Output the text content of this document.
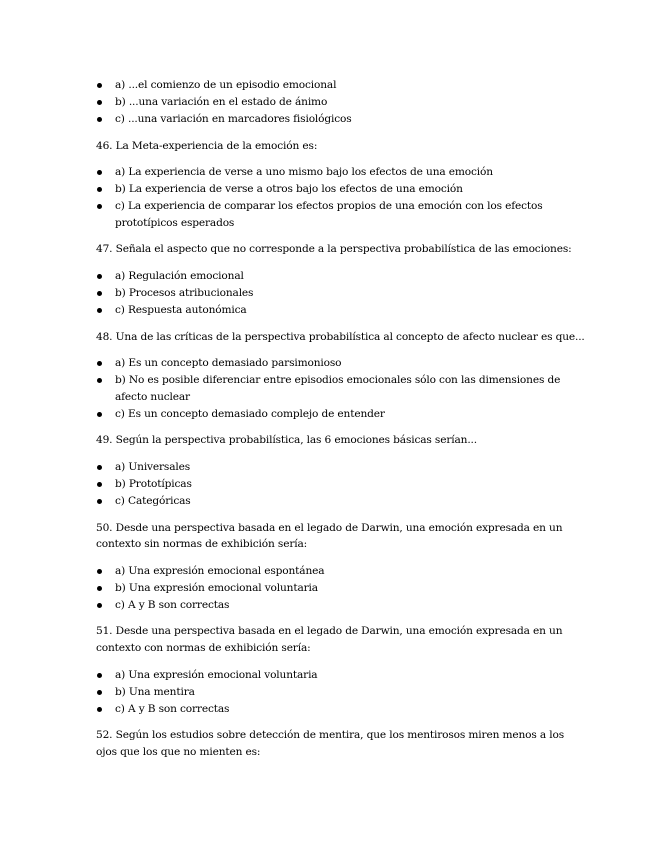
a) ...el comienzo de un episodio emocional
b) ...una variación en el estado de ánimo
c) ...una variación en marcadores fisiológicos
46. La Meta-experiencia de la emoción es:
a) La experiencia de verse a uno mismo bajo los efectos de una emoción
b) La experiencia de verse a otros bajo los efectos de una emoción
c) La experiencia de comparar los efectos propios de una emoción con los efectos
prototípicos esperados
47. Señala el aspecto que no corresponde a la perspectiva probabilística de las emociones:
a) Regulación emocional
b) Procesos atribucionales
c) Respuesta autonómica
48. Una de las críticas de la perspectiva probabilística al concepto de afecto nuclear es que...
a) Es un concepto demasiado parsimonioso
b) No es posible diferenciar entre episodios emocionales sólo con las dimensiones de
afecto nuclear
c) Es un concepto demasiado complejo de entender
49. Según la perspectiva probabilística, las 6 emociones básicas serían...
a) Universales
b) Prototípicas
c) Categóricas
50. Desde una perspectiva basada en el legado de Darwin, una emoción expresada en un
contexto sin normas de exhibición sería:
a) Una expresión emocional espontánea
b) Una expresión emocional voluntaria
c) A y B son correctas
51. Desde una perspectiva basada en el legado de Darwin, una emoción expresada en un
contexto con normas de exhibición sería:
a) Una expresión emocional voluntaria
b) Una mentira
c) A y B son correctas
52. Según los estudios sobre detección de mentira, que los mentirosos miren menos a los
ojos que los que no mienten es:
